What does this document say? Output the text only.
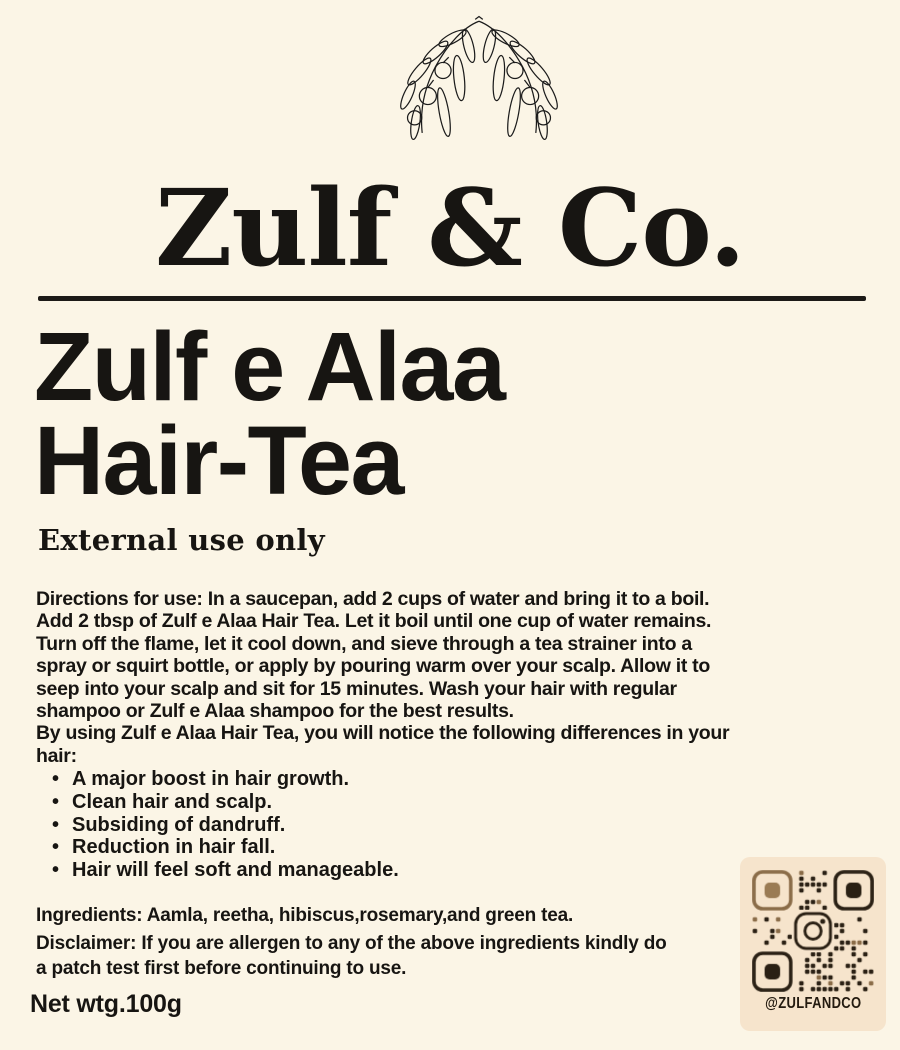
Zulf & Co.
Zulf e Alaa
Hair-Tea
External use only
Directions for use: In a saucepan, add 2 cups of water and bring it to a boil.
Add 2 tbsp of Zulf e Alaa Hair Tea. Let it boil until one cup of water remains.
Turn off the flame, let it cool down, and sieve through a tea strainer into a
spray or squirt bottle, or apply by pouring warm over your scalp. Allow it to
seep into your scalp and sit for 15 minutes. Wash your hair with regular
shampoo or Zulf e Alaa shampoo for the best results.
By using Zulf e Alaa Hair Tea, you will notice the following differences in your
hair:
• A major boost in hair growth.
• Clean hair and scalp.
• Subsiding of dandruff.
• Reduction in hair fall.
• Hair will feel soft and manageable.
Ingredients: Aamla, reetha, hibiscus,rosemary,and green tea.
Disclaimer: If you are allergen to any of the above ingredients kindly do
a patch test first before continuing to use.
Net wtg.100g	@ZULFANDCO
